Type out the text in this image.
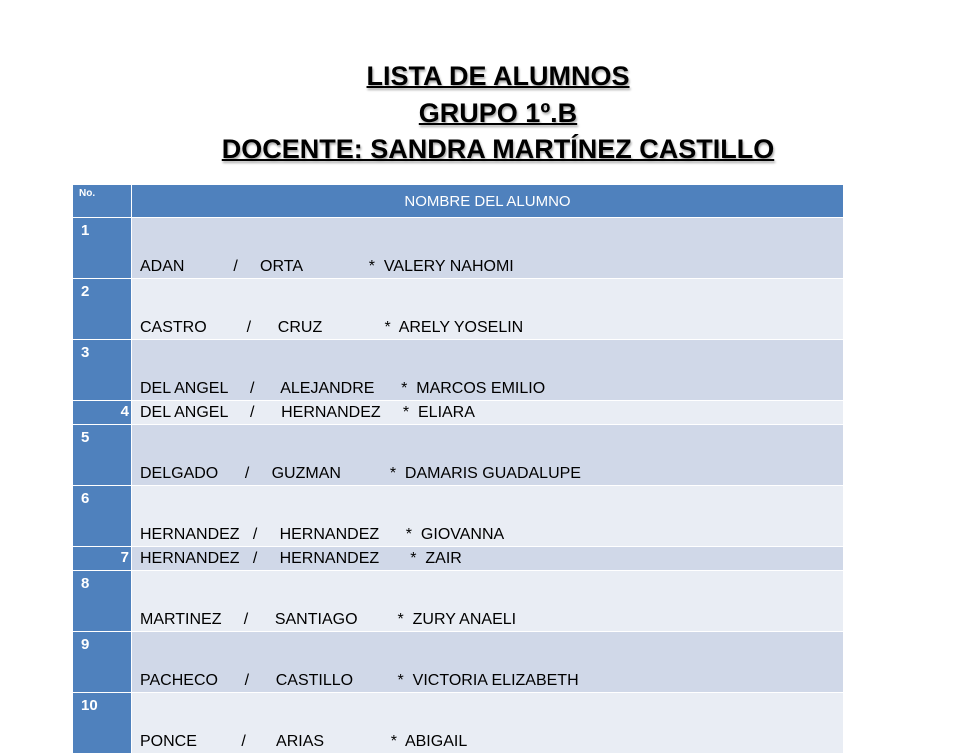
LISTA DE ALUMNOS
GRUPO 1º.B
DOCENTE: SANDRA MARTÍNEZ CASTILLO
No.	NOMBRE DEL ALUMNO
1	ADAN           /     ORTA               *  VALERY NAHOMI
2	CASTRO         /      CRUZ              *  ARELY YOSELIN
3	DEL ANGEL     /      ALEJANDRE      *  MARCOS EMILIO
4	DEL ANGEL     /      HERNANDEZ     *  ELIARA
5	DELGADO      /     GUZMAN           *  DAMARIS GUADALUPE
6	HERNANDEZ   /     HERNANDEZ      *  GIOVANNA
7	HERNANDEZ   /     HERNANDEZ       *  ZAIR
8	MARTINEZ     /      SANTIAGO         *  ZURY ANAELI
9	PACHECO      /      CASTILLO          *  VICTORIA ELIZABETH
10	PONCE          /       ARIAS               *  ABIGAIL
